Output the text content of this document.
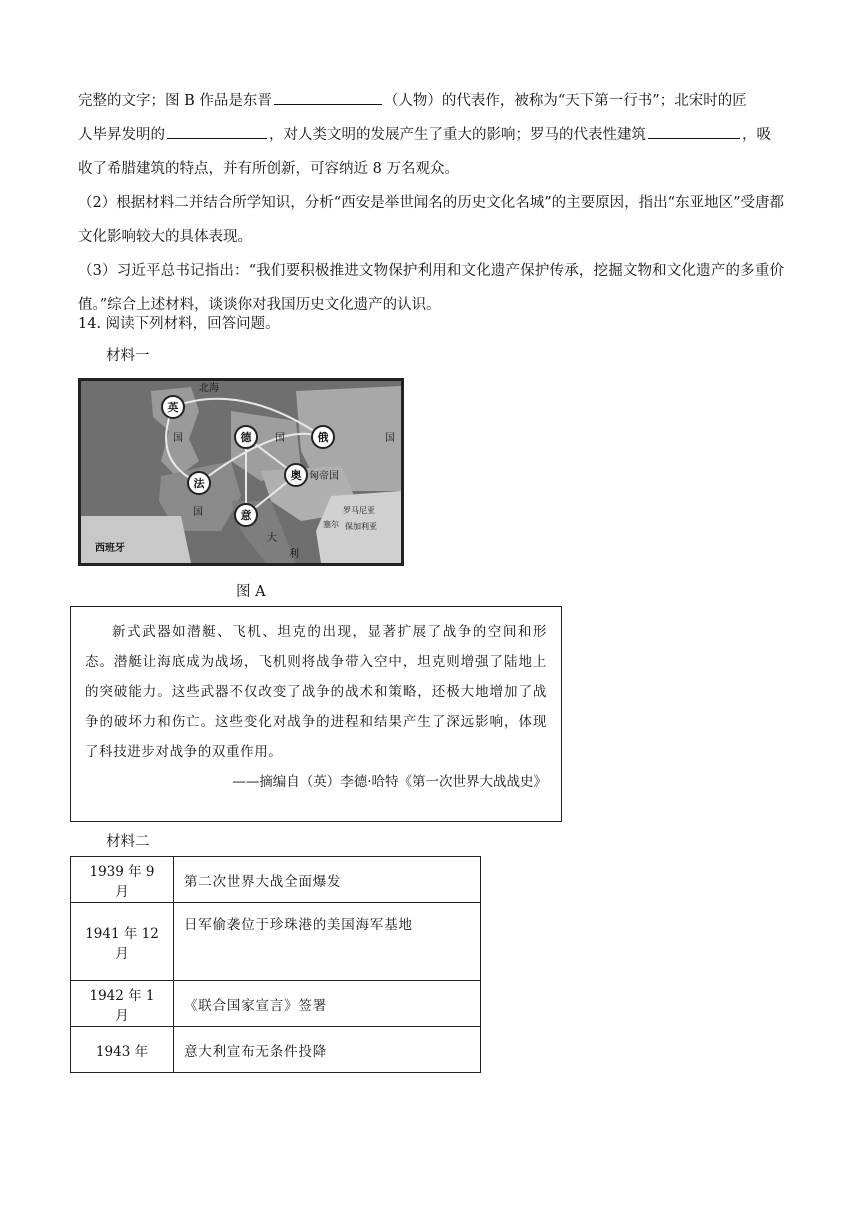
完整的文字；图 B 作品是东晋	（人物）的代表作，被称为“天下第一行书”；北宋时的匠

人毕昇发明的	，对人类文明的发展产生了重大的影响；罗马的代表性建筑	，吸

收了希腊建筑的特点，并有所创新，可容纳近 8 万名观众。

（2）根据材料二并结合所学知识，分析“西安是举世闻名的历史文化名城”的主要原因，指出“东亚地区”受唐都文化影响较大的具体表现。

（3）习近平总书记指出：“我们要积极推进文物保护利用和文化遗产保护传承，挖掘文物和文化遗产的多重价值。”综合上述材料，谈谈你对我国历史文化遗产的认识。

14. 阅读下列材料，回答问题。
材料一
英
法
德	俄
奥
意
北海
国
国
国	国
匈帝国
大
利
西班牙
罗马尼亚
保加利亚
塞尔
图 A

新式武器如潜艇、飞机、坦克的出现，显著扩展了战争的空间和形态。潜艇让海底成为战场，飞机则将战争带入空中，坦克则增强了陆地上的突破能力。这些武器不仅改变了战争的战术和策略，还极大地增加了战争的破坏力和伤亡。这些变化对战争的进程和结果产生了深远影响，体现了科技进步对战争的双重作用。

——摘编自（英）李德·哈特《第一次世界大战战史》
材料二
1939 年 9 月	第二次世界大战全面爆发
1941 年 12 月	日军偷袭位于珍珠港的美国海军基地
1942 年 1 月	《联合国家宣言》签署
1943 年	意大利宣布无条件投降
